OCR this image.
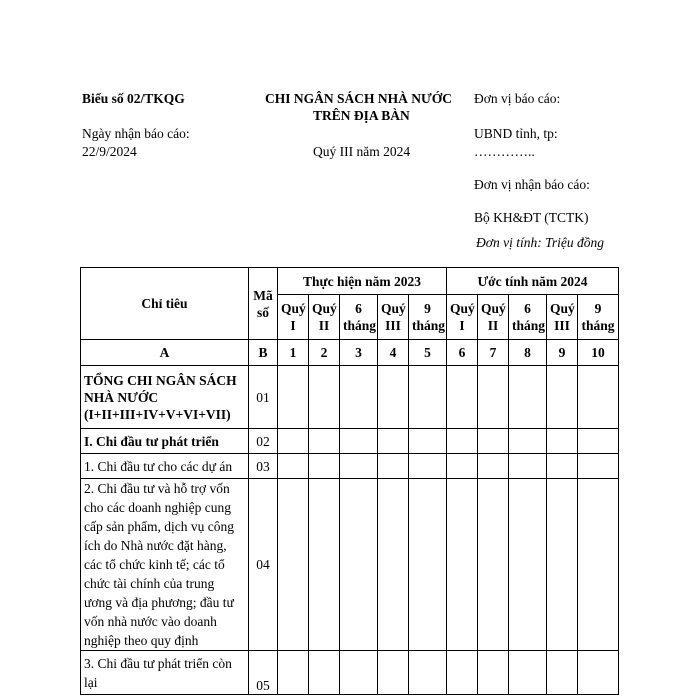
Biểu số 02/TKQG	CHI NGÂN SÁCH NHÀ NƯỚC
TRÊN ĐỊA BÀN
Đơn vị báo cáo:
Ngày nhận báo cáo:
22/9/2024
UBND tỉnh, tp:
Quý III năm 2024	…………..
Đơn vị nhận báo cáo:
Bộ KH&ĐT (TCTK)
Đơn vị tính: Triệu đồng
Chỉ tiêu	Mã số	Thực hiện năm 2023					Ước tính năm 2024				
		Quý I	Quý II	6 tháng	Quý III	9 tháng	Quý I	Quý II	6 tháng	Quý III	9 tháng
A	B	1	2	3	4	5	6	7	8	9	10
TỔNG CHI NGÂN SÁCH NHÀ NƯỚC (I+II+III+IV+V+VI+VII)	01										
I. Chi đầu tư phát triển	02										
1. Chi đầu tư cho các dự án	03										
2. Chi đầu tư và hỗ trợ vốn cho các doanh nghiệp cung cấp sản phẩm, dịch vụ công ích do Nhà nước đặt hàng, các tổ chức kinh tế; các tổ chức tài chính của trung ương và địa phương; đầu tư vốn nhà nước vào doanh nghiệp theo quy định	04										
3. Chi đầu tư phát triển còn lại	05										
